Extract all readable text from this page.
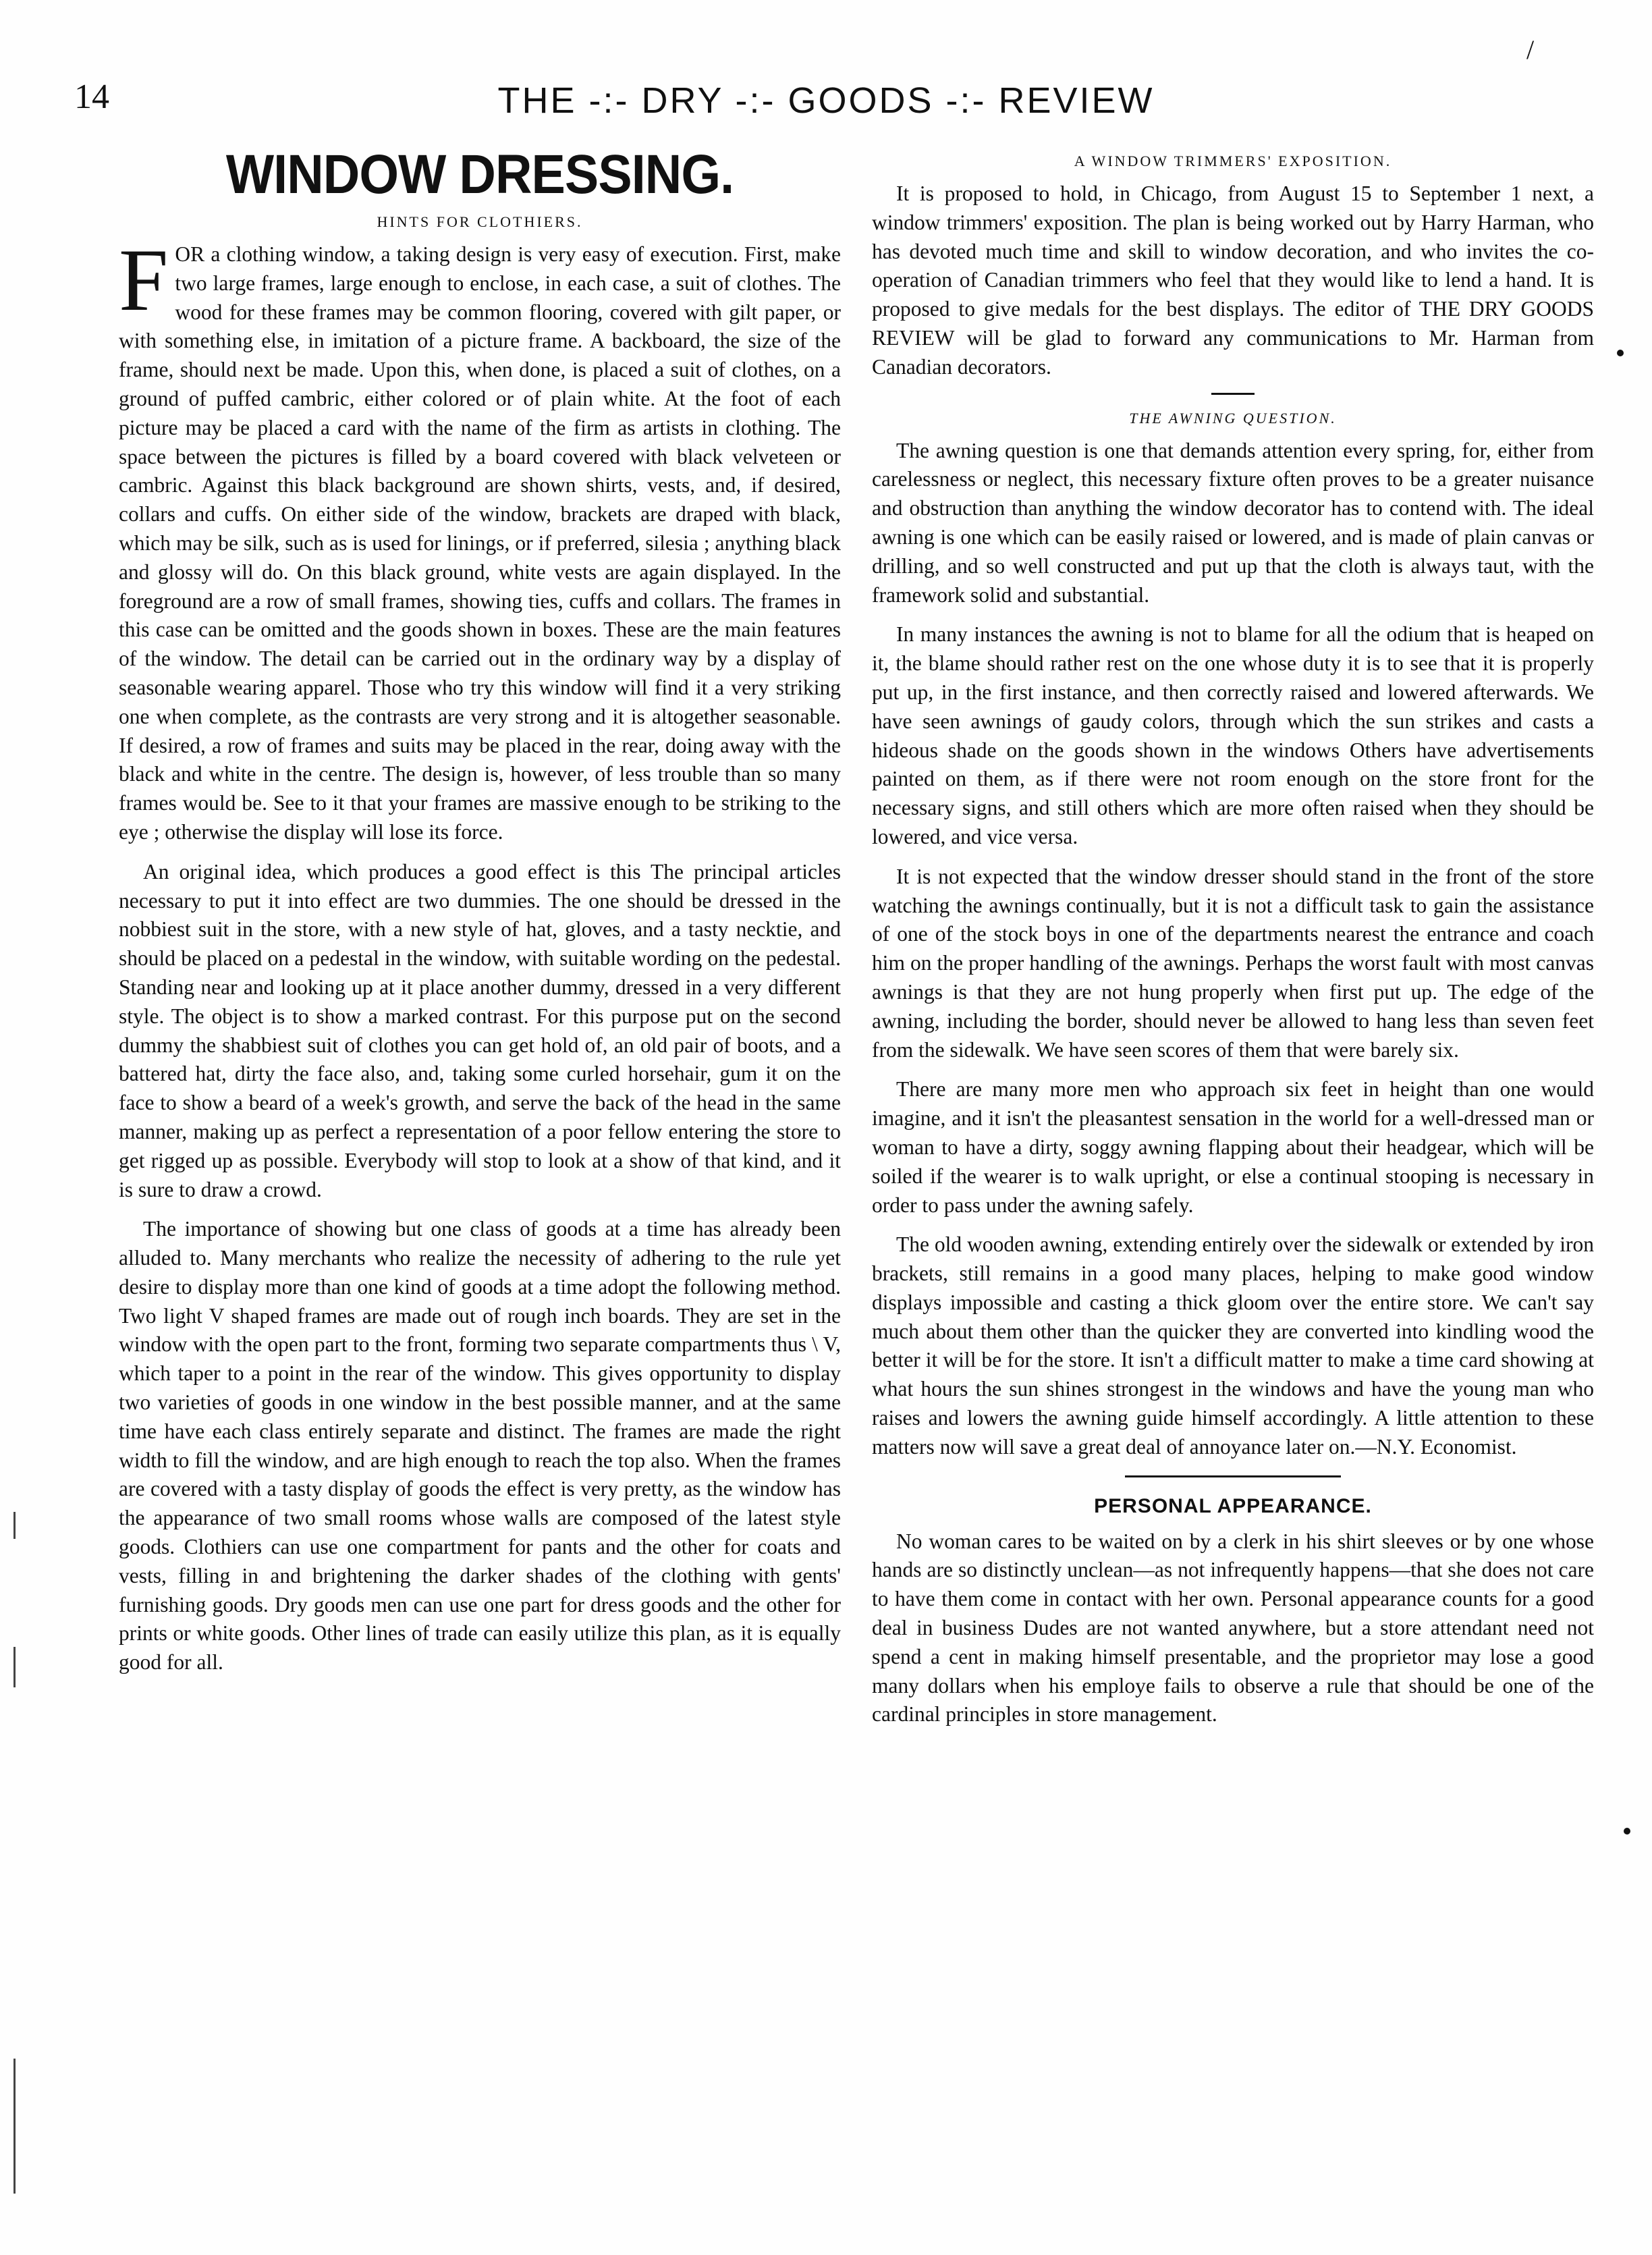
14	THE -:- DRY -:- GOODS -:- REVIEW
/
WINDOW DRESSING.
HINTS FOR CLOTHIERS.

FOR a clothing window, a taking design is very easy of execution. First, make two large frames, large enough to enclose, in each case, a suit of clothes. The wood for these frames may be common flooring, covered with gilt paper, or with something else, in imitation of a picture frame. A backboard, the size of the frame, should next be made. Upon this, when done, is placed a suit of clothes, on a ground of puffed cambric, either colored or of plain white. At the foot of each picture may be placed a card with the name of the firm as artists in clothing. The space between the pictures is filled by a board covered with black velveteen or cambric. Against this black background are shown shirts, vests, and, if desired, collars and cuffs. On either side of the window, brackets are draped with black, which may be silk, such as is used for linings, or if preferred, silesia ; anything black and glossy will do. On this black ground, white vests are again displayed. In the foreground are a row of small frames, showing ties, cuffs and collars. The frames in this case can be omitted and the goods shown in boxes. These are the main features of the window. The detail can be carried out in the ordinary way by a display of seasonable wearing apparel. Those who try this window will find it a very striking one when complete, as the contrasts are very strong and it is altogether seasonable. If desired, a row of frames and suits may be placed in the rear, doing away with the black and white in the centre. The design is, however, of less trouble than so many frames would be. See to it that your frames are massive enough to be striking to the eye ; otherwise the display will lose its force.

An original idea, which produces a good effect is this The principal articles necessary to put it into effect are two dummies. The one should be dressed in the nobbiest suit in the store, with a new style of hat, gloves, and a tasty necktie, and should be placed on a pedestal in the window, with suitable wording on the pedestal. Standing near and looking up at it place another dummy, dressed in a very different style. The object is to show a marked contrast. For this purpose put on the second dummy the shabbiest suit of clothes you can get hold of, an old pair of boots, and a battered hat, dirty the face also, and, taking some curled horsehair, gum it on the face to show a beard of a week's growth, and serve the back of the head in the same manner, making up as perfect a representation of a poor fellow entering the store to get rigged up as possible. Everybody will stop to look at a show of that kind, and it is sure to draw a crowd.

The importance of showing but one class of goods at a time has already been alluded to. Many merchants who realize the necessity of adhering to the rule yet desire to display more than one kind of goods at a time adopt the following method. Two light V shaped frames are made out of rough inch boards. They are set in the window with the open part to the front, forming two separate compartments thus \ V, which taper to a point in the rear of the window. This gives opportunity to display two varieties of goods in one window in the best possible manner, and at the same time have each class entirely separate and distinct. The frames are made the right width to fill the window, and are high enough to reach the top also. When the frames are covered with a tasty display of goods the effect is very pretty, as the window has the appearance of two small rooms whose walls are composed of the latest style goods. Clothiers can use one compartment for pants and the other for coats and vests, filling in and brightening the darker shades of the clothing with gents' furnishing goods. Dry goods men can use one part for dress goods and the other for prints or white goods. Other lines of trade can easily utilize this plan, as it is equally good for all.

A WINDOW TRIMMERS' EXPOSITION.

It is proposed to hold, in Chicago, from August 15 to September 1 next, a window trimmers' exposition. The plan is being worked out by Harry Harman, who has devoted much time and skill to window decoration, and who invites the co-operation of Canadian trimmers who feel that they would like to lend a hand. It is proposed to give medals for the best displays. The editor of THE DRY GOODS REVIEW will be glad to forward any communications to Mr. Harman from Canadian decorators.

THE AWNING QUESTION.

The awning question is one that demands attention every spring, for, either from carelessness or neglect, this necessary fixture often proves to be a greater nuisance and obstruction than anything the window decorator has to contend with. The ideal awning is one which can be easily raised or lowered, and is made of plain canvas or drilling, and so well constructed and put up that the cloth is always taut, with the framework solid and substantial.

In many instances the awning is not to blame for all the odium that is heaped on it, the blame should rather rest on the one whose duty it is to see that it is properly put up, in the first instance, and then correctly raised and lowered afterwards. We have seen awnings of gaudy colors, through which the sun strikes and casts a hideous shade on the goods shown in the windows Others have advertisements painted on them, as if there were not room enough on the store front for the necessary signs, and still others which are more often raised when they should be lowered, and vice versa.

It is not expected that the window dresser should stand in the front of the store watching the awnings continually, but it is not a difficult task to gain the assistance of one of the stock boys in one of the departments nearest the entrance and coach him on the proper handling of the awnings. Perhaps the worst fault with most canvas awnings is that they are not hung properly when first put up. The edge of the awning, including the border, should never be allowed to hang less than seven feet from the sidewalk. We have seen scores of them that were barely six.

There are many more men who approach six feet in height than one would imagine, and it isn't the pleasantest sensation in the world for a well-dressed man or woman to have a dirty, soggy awning flapping about their headgear, which will be soiled if the wearer is to walk upright, or else a continual stooping is necessary in order to pass under the awning safely.

The old wooden awning, extending entirely over the sidewalk or extended by iron brackets, still remains in a good many places, helping to make good window displays impossible and casting a thick gloom over the entire store. We can't say much about them other than the quicker they are converted into kindling wood the better it will be for the store. It isn't a difficult matter to make a time card showing at what hours the sun shines strongest in the windows and have the young man who raises and lowers the awning guide himself accordingly. A little attention to these matters now will save a great deal of annoyance later on.—N.Y. Economist.

PERSONAL APPEARANCE.

No woman cares to be waited on by a clerk in his shirt sleeves or by one whose hands are so distinctly unclean—as not infrequently happens—that she does not care to have them come in contact with her own. Personal appearance counts for a good deal in business Dudes are not wanted anywhere, but a store attendant need not spend a cent in making himself presentable, and the proprietor may lose a good many dollars when his employe fails to observe a rule that should be one of the cardinal principles in store management.
